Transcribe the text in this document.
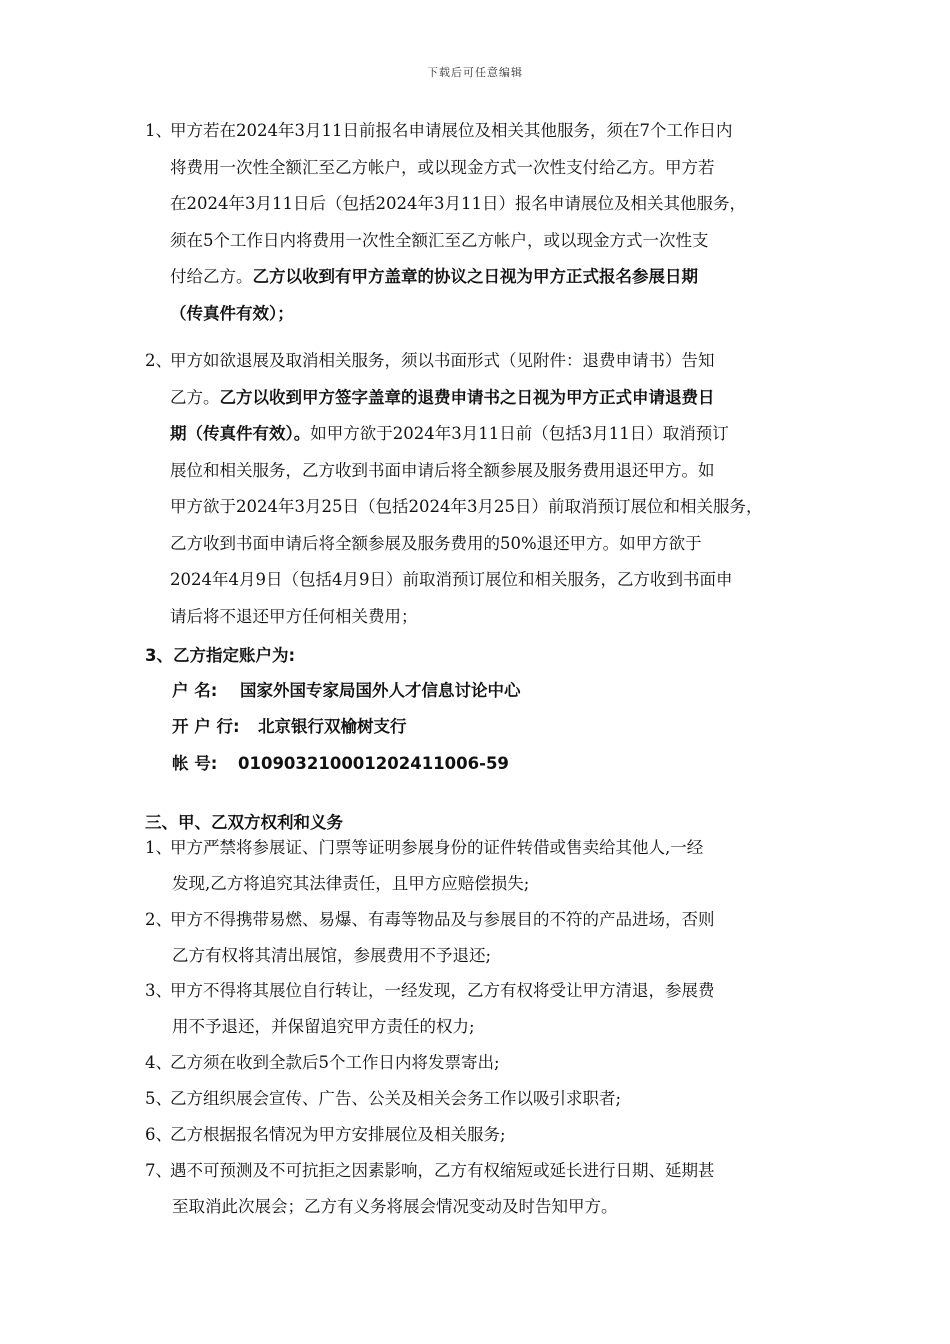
下载后可任意编辑
1、
甲方若在2024年3月11日前报名申请展位及相关其他服务，须在7个工作日内
将费用一次性全额汇至乙方帐户，或以现金方式一次性支付给乙方。甲方若
在2024年3月11日后（包括2024年3月11日）报名申请展位及相关其他服务，
须在5个工作日内将费用一次性全额汇至乙方帐户，或以现金方式一次性支
付给乙方。乙方以收到有甲方盖章的协议之日视为甲方正式报名参展日期
（传真件有效）；
2、
甲方如欲退展及取消相关服务，须以书面形式（见附件：退费申请书）告知
乙方。乙方以收到甲方签字盖章的退费申请书之日视为甲方正式申请退费日
期（传真件有效）。如甲方欲于2024年3月11日前（包括3月11日）取消预订
展位和相关服务，乙方收到书面申请后将全额参展及服务费用退还甲方。如
甲方欲于2024年3月25日（包括2024年3月25日）前取消预订展位和相关服务，
乙方收到书面申请后将全额参展及服务费用的50%退还甲方。如甲方欲于
2024年4月9日（包括4月9日）前取消预订展位和相关服务，乙方收到书面申
请后将不退还甲方任何相关费用；
3、乙方指定账户为:
户 名: 国家外国专家局国外人才信息讨论中心
开 户 行: 北京银行双榆树支行
帐 号: 0109032100012024110​06-59
三、甲、乙双方权利和义务
1、
甲方严禁将参展证、门票等证明参展身份的证件转借或售卖给其他人,一经
发现,乙方将追究其法律责任，且甲方应赔偿损失;
2、
甲方不得携带易燃、易爆、有毒等物品及与参展目的不符的产品进场，否则
乙方有权将其清出展馆，参展费用不予退还;
3、
甲方不得将其展位自行转让，一经发现，乙方有权将受让甲方清退，参展费
用不予退还，并保留追究甲方责任的权力;
4、
乙方须在收到全款后5个工作日内将发票寄出;
5、
乙方组织展会宣传、广告、公关及相关会务工作以吸引求职者;
6、
乙方根据报名情况为甲方安排展位及相关服务;
7、
遇不可预测及不可抗拒之因素影响，乙方有权缩短或延长进行日期、延期甚
至取消此次展会；乙方有义务将展会情况变动及时告知甲方。
